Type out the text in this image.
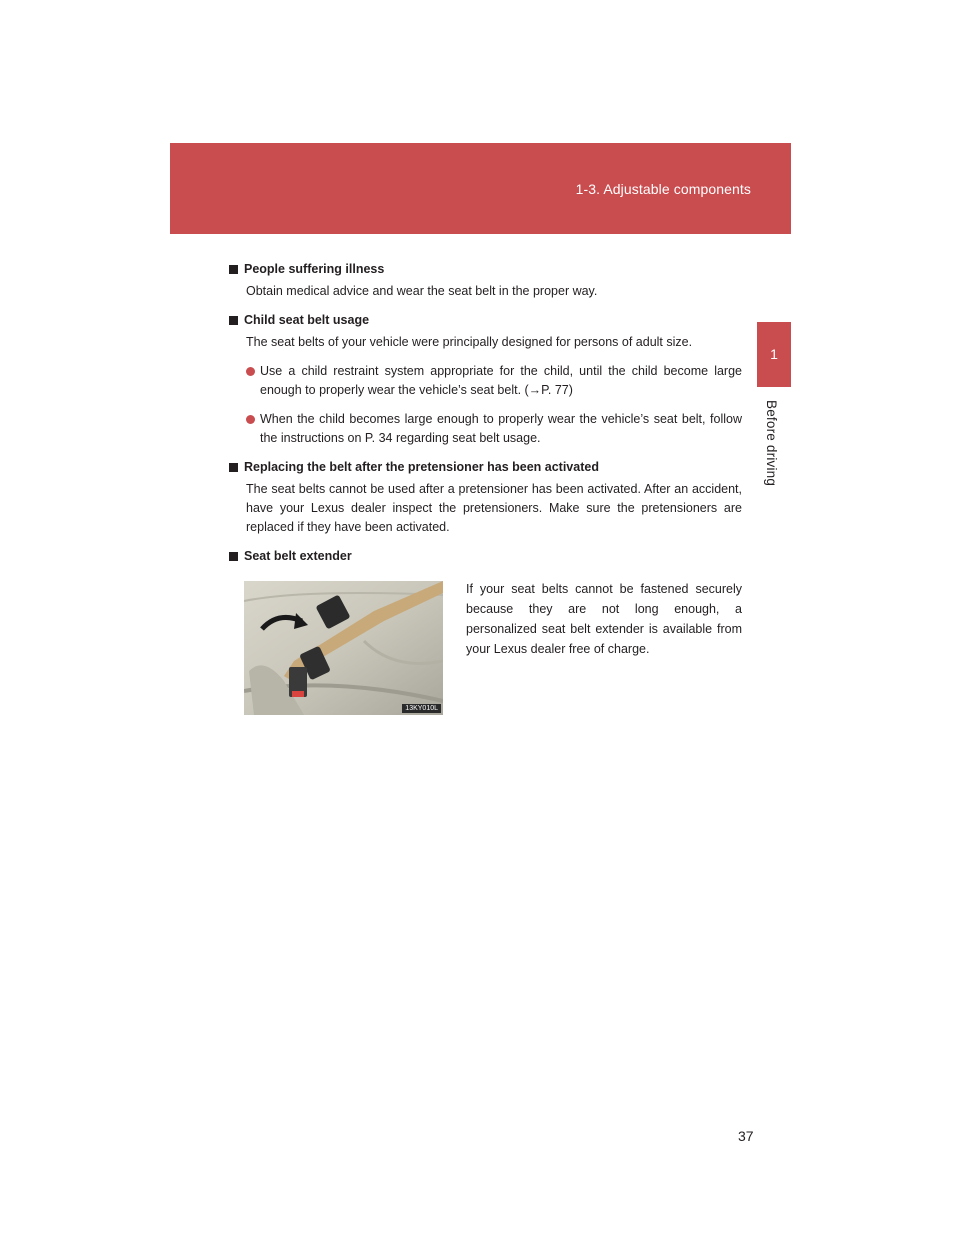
1-3. Adjustable components
1
Before driving
People suffering illness

Obtain medical advice and wear the seat belt in the proper way.

Child seat belt usage

The seat belts of your vehicle were principally designed for persons of adult size.

Use a child restraint system appropriate for the child, until the child become large enough to properly wear the vehicle’s seat belt. (→P. 77)
When the child becomes large enough to properly wear the vehicle’s seat belt, follow the instructions on P. 34 regarding seat belt usage.
Replacing the belt after the pretensioner has been activated

The seat belts cannot be used after a pretensioner has been activated. After an accident, have your Lexus dealer inspect the pretensioners. Make sure the pretensioners are replaced if they have been activated.

Seat belt extender
13KY010L
If your seat belts cannot be fastened securely because they are not long enough, a personalized seat belt extender is available from your Lexus dealer free of charge.
37
